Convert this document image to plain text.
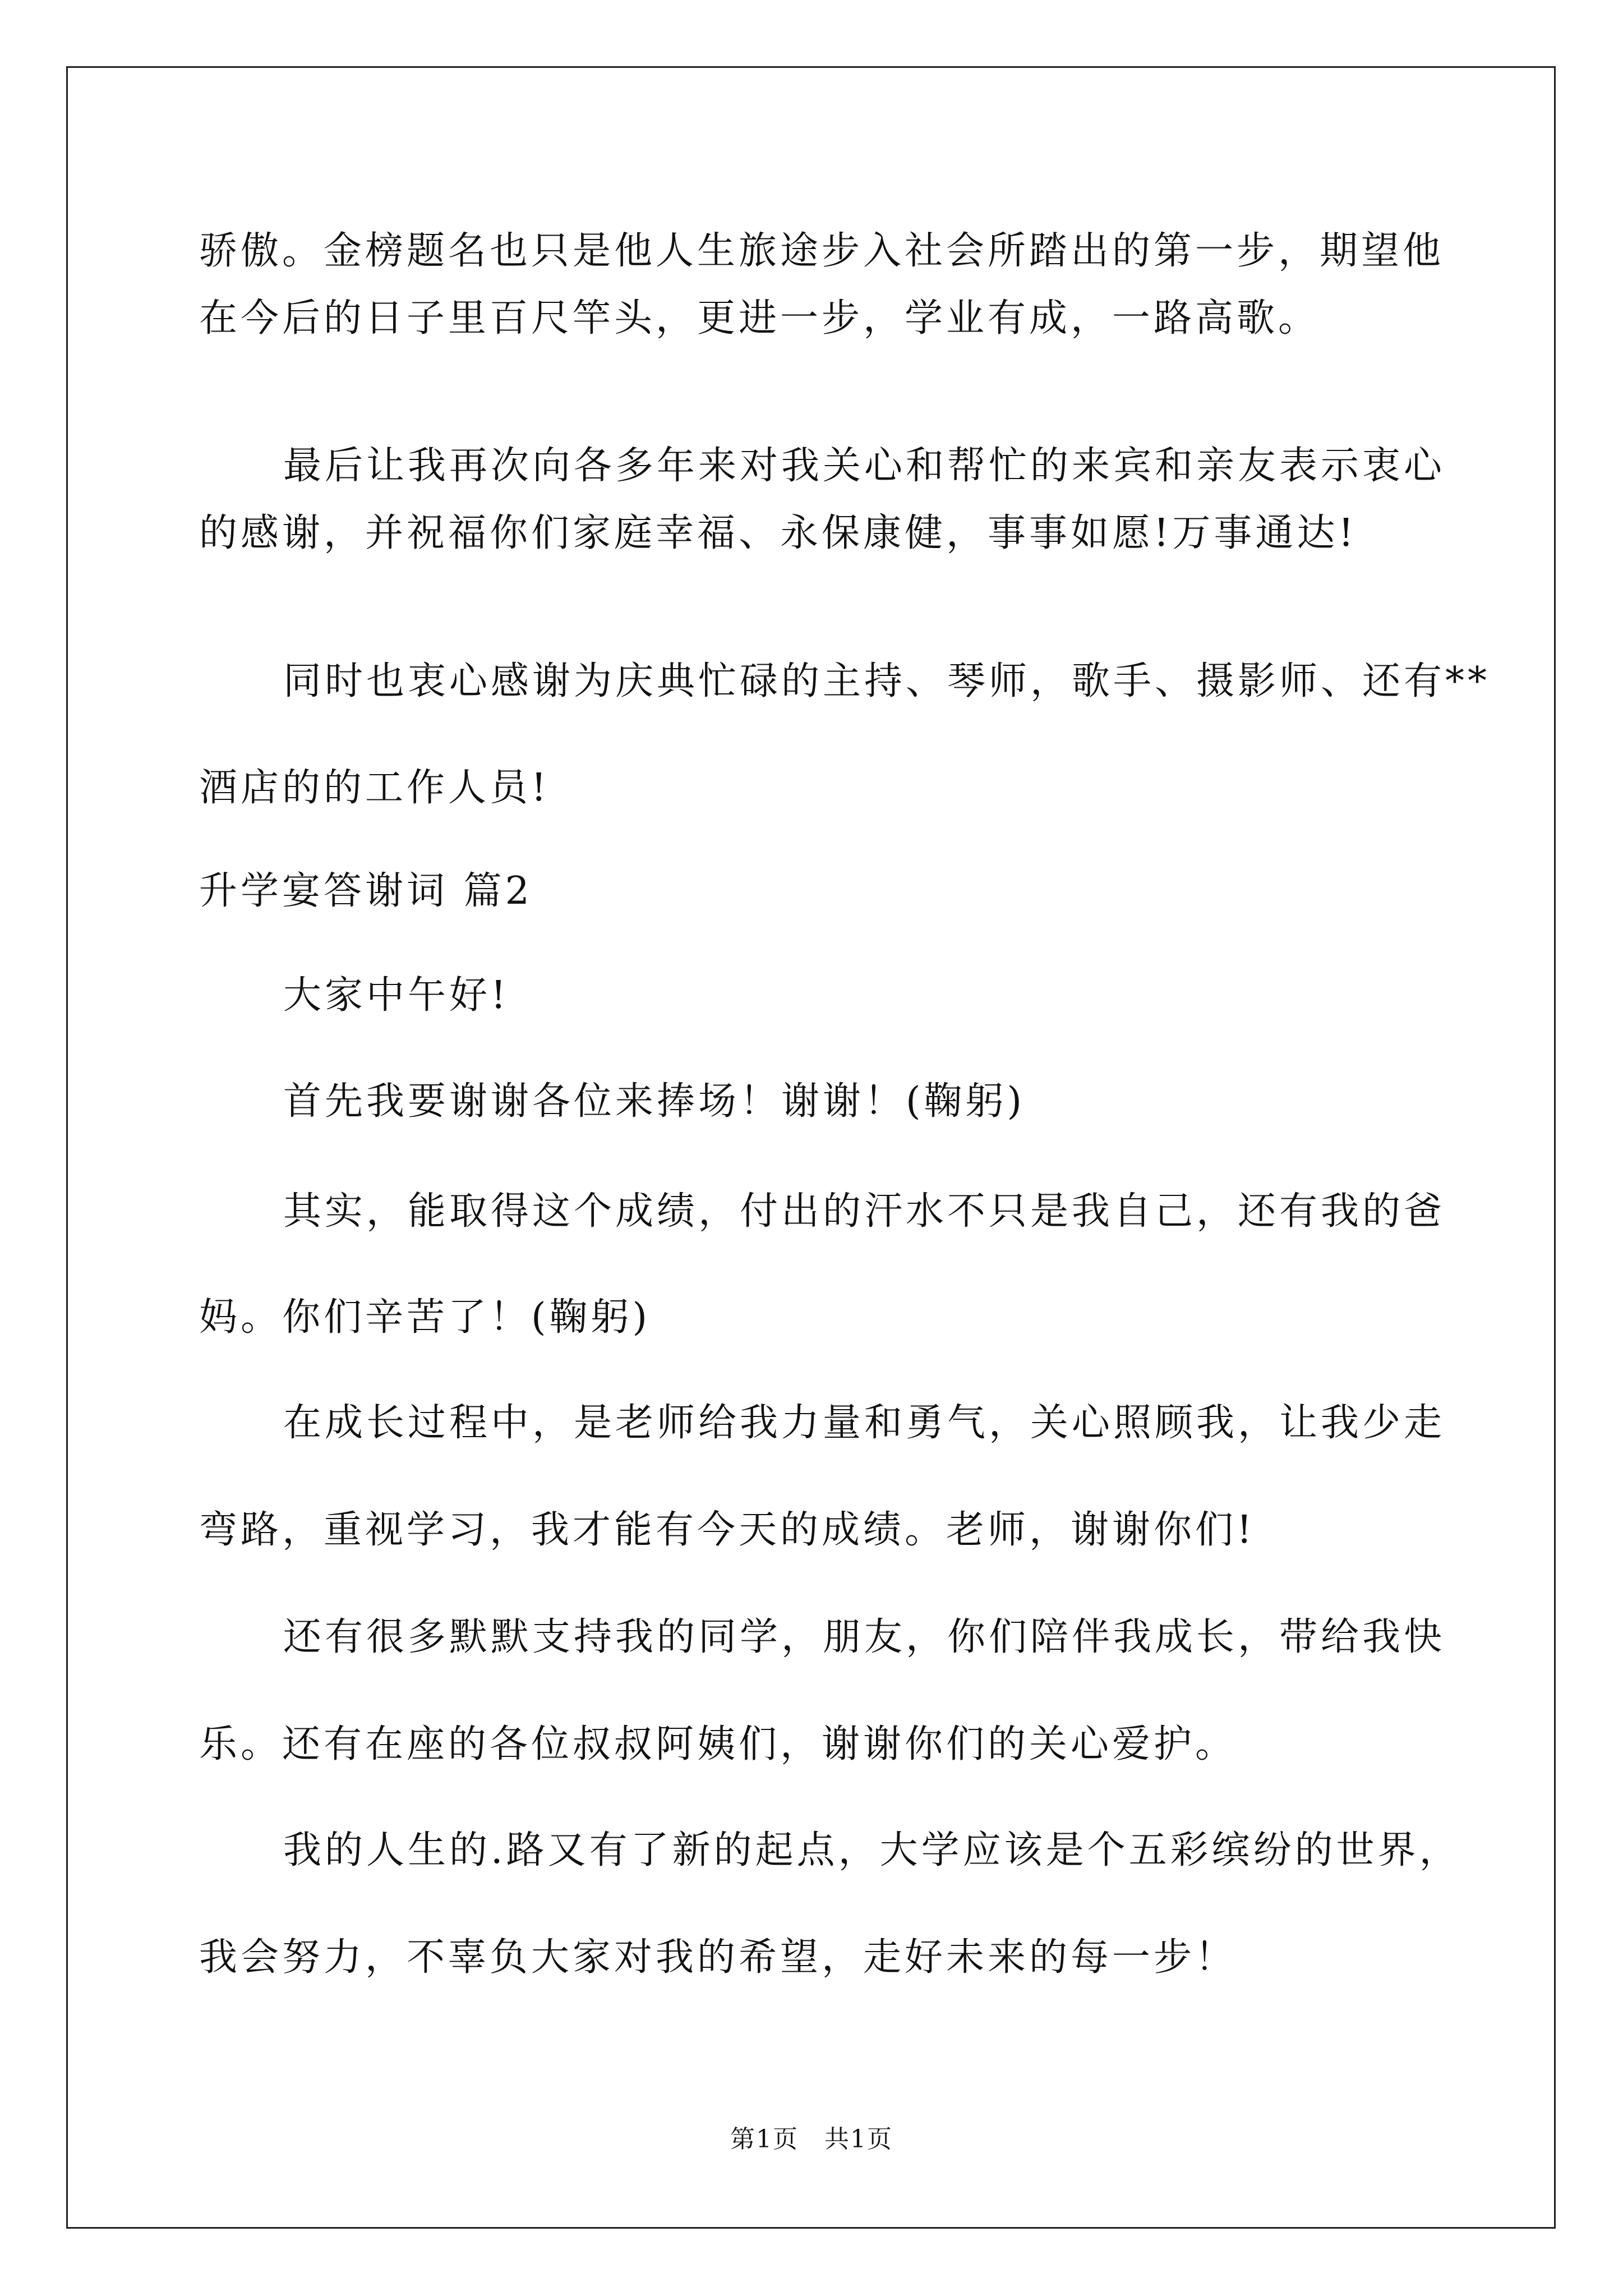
骄傲。金榜题名也只是他人生旅途步入社会所踏出的第一步，期望他
在今后的日子里百尺竿头，更进一步，学业有成，一路高歌。
最后让我再次向各多年来对我关心和帮忙的来宾和亲友表示衷心
的感谢，并祝福你们家庭幸福、永保康健，事事如愿!万事通达!
同时也衷心感谢为庆典忙碌的主持、琴师，歌手、摄影师、还有**
酒店的的工作人员!
升学宴答谢词 篇2
大家中午好!
首先我要谢谢各位来捧场！谢谢！(鞠躬)
其实，能取得这个成绩，付出的汗水不只是我自己，还有我的爸
妈。你们辛苦了！(鞠躬)
在成长过程中，是老师给我力量和勇气，关心照顾我，让我少走
弯路，重视学习，我才能有今天的成绩。老师，谢谢你们!
还有很多默默支持我的同学，朋友，你们陪伴我成长，带给我快
乐。还有在座的各位叔叔阿姨们，谢谢你们的关心爱护。
我的人生的.路又有了新的起点，大学应该是个五彩缤纷的世界，
我会努力，不辜负大家对我的希望，走好未来的每一步！
第1页　共1页
